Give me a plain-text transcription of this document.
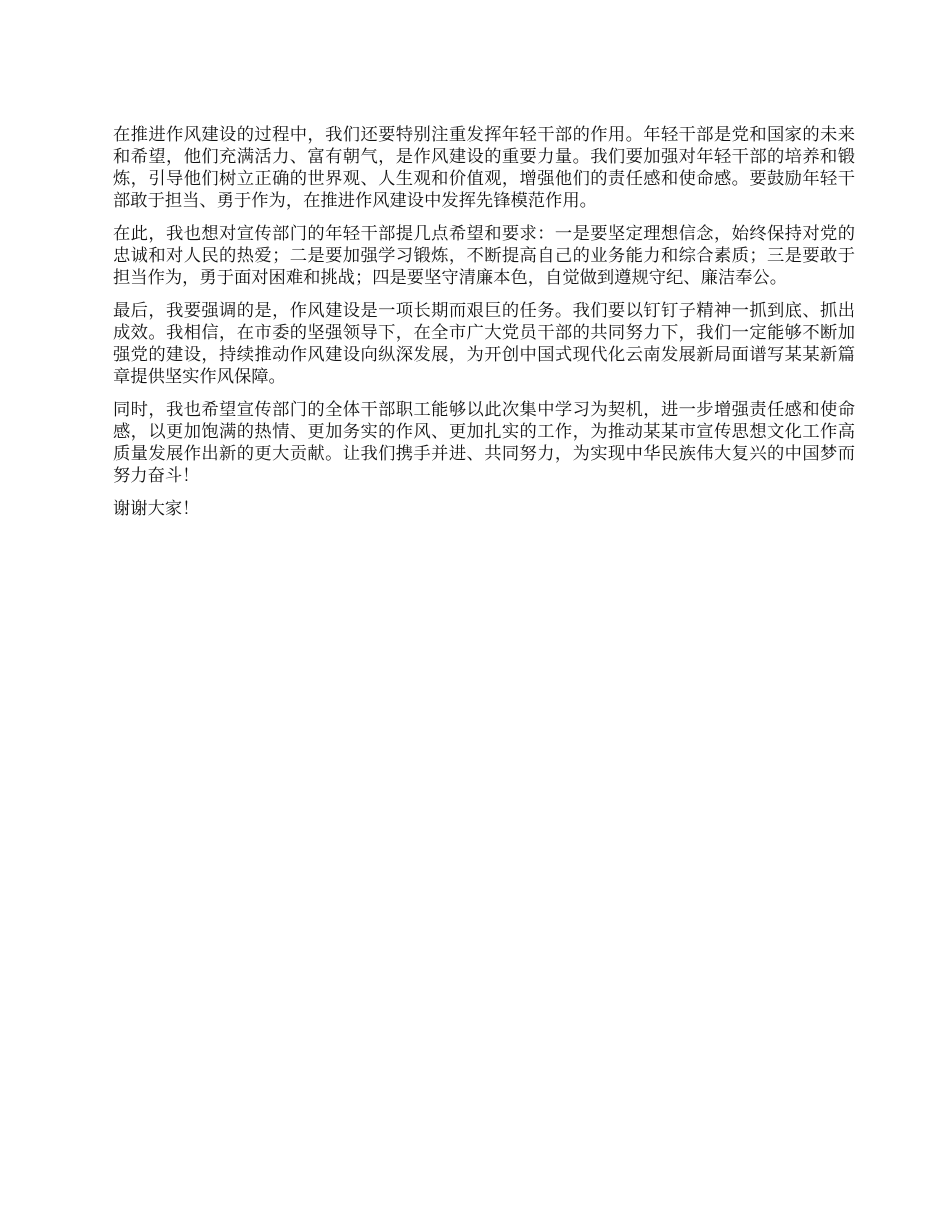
在推进作风建设的过程中，我们还要特别注重发挥年轻干部的作用。年轻干部是党和国家的未来和希望，他们充满活力、富有朝气，是作风建设的重要力量。我们要加强对年轻干部的培养和锻炼，引导他们树立正确的世界观、人生观和价值观，增强他们的责任感和使命感。要鼓励年轻干部敢于担当、勇于作为，在推进作风建设中发挥先锋模范作用。

在此，我也想对宣传部门的年轻干部提几点希望和要求：一是要坚定理想信念，始终保持对党的忠诚和对人民的热爱；二是要加强学习锻炼，不断提高自己的业务能力和综合素质；三是要敢于担当作为，勇于面对困难和挑战；四是要坚守清廉本色，自觉做到遵规守纪、廉洁奉公。

最后，我要强调的是，作风建设是一项长期而艰巨的任务。我们要以钉钉子精神一抓到底、抓出成效。我相信，在市委的坚强领导下，在全市广大党员干部的共同努力下，我们一定能够不断加强党的建设，持续推动作风建设向纵深发展，为开创中国式现代化云南发展新局面谱写某某新篇章提供坚实作风保障。

同时，我也希望宣传部门的全体干部职工能够以此次集中学习为契机，进一步增强责任感和使命感，以更加饱满的热情、更加务实的作风、更加扎实的工作，为推动某某市宣传思想文化工作高质量发展作出新的更大贡献。让我们携手并进、共同努力，为实现中华民族伟大复兴的中国梦而努力奋斗！

谢谢大家！
